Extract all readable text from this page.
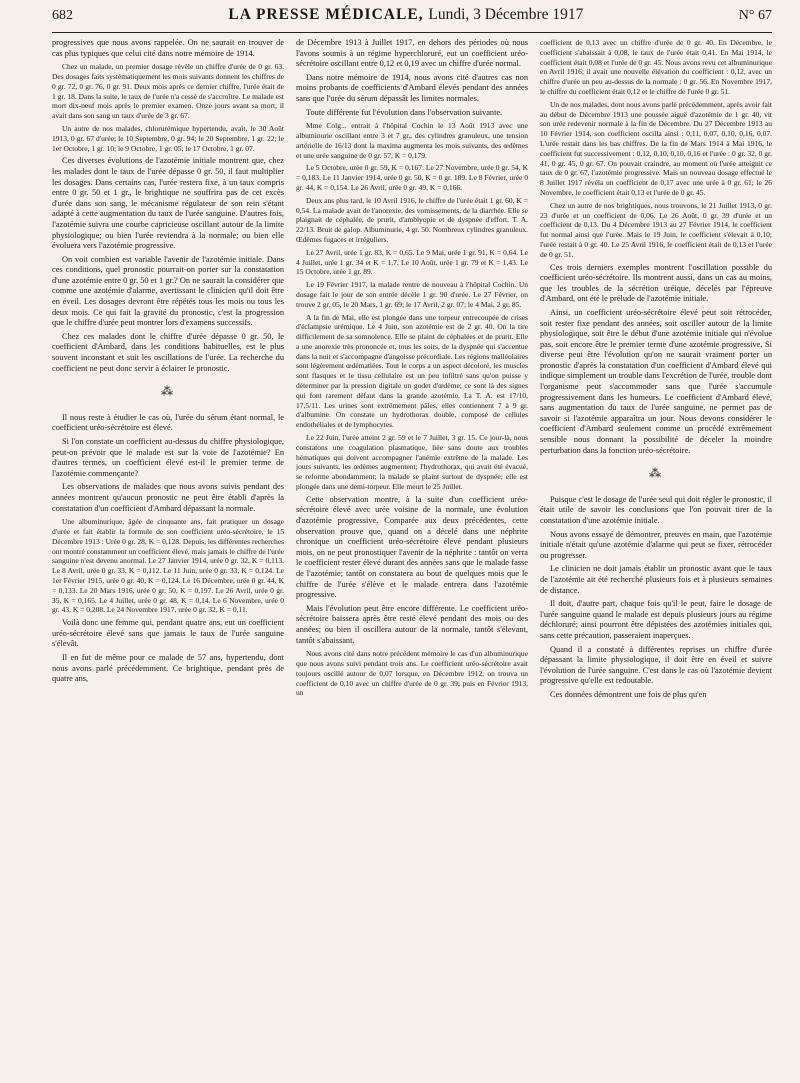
682	LA PRESSE MÉDICALE, Lundi, 3 Décembre 1917	N° 67

progressives que nous avons rappelée. On ne saurait en trouver de cas plus typiques que celui cité dans notre mémoire de 1914.

Chez un malade, un premier dosage révèle un chiffre d'urée de 0 gr. 63. Des dosages faits systématiquement les mois suivants donnent les chiffres de 0 gr. 72, 0 gr. 76, 0 gr. 91. Deux mois après ce dernier chiffre, l'urée était de 1 gr. 18. Dans la suite, le taux de l'urée n'a cessé de s'accroître. Le malade est mort dix-neuf mois après le premier examen. Onze jours avant sa mort, il avait dans son sang un taux d'urée de 3 gr. 67.

Un autre de nos malades, chlorurémique hypertendu, avait, le 30 Août 1913, 0 gr. 67 d'urée; le 10 Septembre, 0 gr. 94; le 20 Septembre, 1 gr. 22; le 1er Octobre, 1 gr. 10; le 9 Octobre, 1 gr. 05; le 17 Octobre, 1 gr. 07.

Ces diverses évolutions de l'azotémie initiale montrent que, chez les malades dont le taux de l'urée dépasse 0 gr. 50, il faut multiplier les dosages. Dans certains cas, l'urée restera fixe, à un taux compris entre 0 gr. 50 et 1 gr., le brightique ne souffrira pas de cet excès d'urée dans son sang, le mécanisme régulateur de son rein s'étant adapté à cette augmentation du taux de l'urée sanguine. D'autres fois, l'azotémie suivra une courbe capricieuse oscillant autour de la limite physiologique; ou bien l'urée reviendra à la normale; ou bien elle évoluera vers l'azotémie progressive.

On voit combien est variable l'avenir de l'azotémie initiale. Dans ces conditions, quel pronostic pourrait-on porter sur la constatation d'une azotémie entre 0 gr. 50 et 1 gr.? On ne saurait la considérer que comme une azotémie d'alarme, avertissant le clinicien qu'il doit être en éveil. Les dosages devront être répétés tous les mois ou tous les deux mois. Ce qui fait la gravité du pronostic, c'est la progression que le chiffre d'urée peut montrer lors d'examens successifs.

Chez ces malades dont le chiffre d'urée dépasse 0 gr. 50, le coefficient d'Ambard, dans les conditions habituelles, est le plus souvent inconstant et suit les oscillations de l'urée. La recherche du coefficient ne peut donc servir à éclairer le pronostic.

⁂

Il nous reste à étudier le cas où, l'urée du sérum étant normal, le coefficient uréo-sécrétoire est élevé.

Si l'on constate un coefficient au-dessus du chiffre physiologique, peut-on prévoir que le malade est sur la voie de l'azotémie? En d'autres termes, un coefficient élevé est-il le premier terme de l'azotémie commençante?

Les observations de malades que nous avons suivis pendant des années montrent qu'aucun pronostic ne peut être établi d'après la constatation d'un coefficient d'Ambard dépassant la normale.

Une albuminurique, âgée de cinquante ans, fait pratiquer un dosage d'urée et fait établir la formule de son coefficient uréo-sécrétoire, le 15 Décembre 1913 : Urée 0 gr. 28, K = 0,128. Depuis, les différentes recherches ont montré constamment un coefficient élevé, mais jamais le chiffre de l'urée sanguine n'est devenu anormal. Le 27 Janvier 1914, urée 0 gr. 32, K = 0,113. Le 8 Avril, urée 0 gr. 33, K = 0,112. Le 11 Juin, urée 0 gr. 33, K = 0,124. Le 1er Février 1915, urée 0 gr. 40, K = 0,124. Le 16 Décembre, urée 0 gr. 44, K = 0,133. Le 20 Mars 1916, urée 0 gr. 50, K = 0,197. Le 26 Avril, urée 0 gr. 35, K = 0,165. Le 4 Juillet, urée 0 gr. 48, K = 0,14. Le 6 Novembre, urée 0 gr. 43, K = 0,208. Le 24 Novembre 1917, urée 0 gr. 32, K = 0,11.

Voilà donc une femme qui, pendant quatre ans, eut un coefficient uréo-sécrétoire élevé sans que jamais le taux de l'urée sanguine s'élevât.

Il en fut de même pour ce malade de 57 ans, hypertendu, dont nous avons parlé précédemment. Ce brightique, pendant près de quatre ans,

de Décembre 1913 à Juillet 1917, en dehors des périodes où nous l'avons soumis à un régime hyperchloruré, eut un coefficient uréo-sécrétoire oscillant entre 0,12 et 0,19 avec un chiffre d'urée normal.

Dans notre mémoire de 1914, nous avons cité d'autres cas non moins probants de coefficients d'Ambard élevés pendant des années sans que l'urée du sérum dépassât les limites normales.

Toute différente fut l'évolution dans l'observation suivante.

Mme Colg... entrait à l'hôpital Cochin le 13 Août 1913 avec une albuminurie oscillant entre 3 et 7 gr., des cylindres granuleux, une tension artérielle de 16/13 dont la maxima augmenta les mois suivants, des œdèmes et une urée sanguine de 0 gr. 57, K = 0,179.

Le 5 Octobre, urée 0 gr. 59, K = 0,167. Le 27 Novembre, urée 0 gr. 54, K = 0,183. Le 11 Janvier 1914, urée 0 gr. 50, K = 0 gr. 189. Le 8 Février, urée 0 gr. 44, K = 0,154. Le 26 Avril, urée 0 gr. 49, K = 0,166.

Deux ans plus tard, le 10 Avril 1916, le chiffre de l'urée était 1 gr. 60, K = 0,54. La malade avait de l'anorexie, des vomissements, de la diarrhée. Elle se plaignait de céphalée, de prurit, d'amblyopie et de dyspnée d'effort. T. A. 22/13. Bruit de galop. Albuminurie, 4 gr. 50. Nombreux cylindres granuleux. Œdèmes fugaces et irréguliers.

Le 27 Avril, urée 1 gr. 83, K = 0,65. Le 9 Mai, urée 1 gr. 91, K = 0,64. Le 4 Juillet, urée 1 gr. 34 et K = 1,7. Le 10 Août, urée 1 gr. 79 et K = 1,43. Le 15 Octobre, urée 1 gr. 89.

Le 19 Février 1917, la malade rentre de nouveau à l'hôpital Cochin. Un dosage fait le jour de son entrée décèle 1 gr. 90 d'urée. Le 27 Février, on trouve 2 gr. 05, le 20 Mars, 1 gr. 69; le 17 Avril, 2 gr. 07; le 4 Mai, 2 gr. 85.

A la fin de Mai, elle est plongée dans une torpeur entrecoupée de crises d'éclampsie urémique. Le 4 Juin, son azotémie est de 2 gr. 40. On la tire difficilement de sa somnolence. Elle se plaint de céphalées et de prurit. Elle a une anorexie très prononcée et, tous les soirs, de la dyspnée qui s'accentue dans la nuit et s'accompagne d'angoisse précordiale. Les régions malléolaires sont légèrement œdématiées. Tout le corps a un aspect décoloré, les muscles sont flasques et le tissu cellulaire est un peu infiltré sans qu'on puisse y déterminer par la pression digitale un godet d'œdème; ce sont là des signes qui font rarement défaut dans la grande azotémie. La T. A. est 17/10, 17,5/11. Les urines sont extrêmement pâles, elles contiennent 7 à 9 gr. d'albumine. On constate un hydrothorax double, composé de cellules endothéliales et de lymphocytes.

Le 22 Juin, l'urée atteint 2 gr. 59 et le 7 Juillet, 3 gr. 15. Ce jour-là, nous constatons une coagulation plasmatique, liée sans doute aux troubles hématiques qui doivent accompagner l'anémie extrême de la malade. Les jours suivants, les œdèmes augmentent; l'hydrothorax, qui avait été évacué, se reforme abondamment; la malade se plaint surtout de dyspnée; elle est plongée dans une demi-torpeur. Elle meurt le 25 Juillet.

Cette observation montre, à la suite d'un coefficient uréo-sécrétoire élevé avec urée voisine de la normale, une évolution d'azotémie progressive. Comparée aux deux précédentes, cette observation prouve que, quand on a décelé dans une néphrite chronique un coefficient uréo-sécrétoire élevé pendant plusieurs mois, on ne peut pronostiquer l'avenir de la néphrite : tantôt on verra le coefficient rester élevé durant des années sans que le malade fasse de l'azotémie; tantôt on constatera au bout de quelques mois que le chiffre de l'urée s'élève et le malade entrera dans l'azotémie progressive.

Mais l'évolution peut être encore différente. Le coefficient uréo-sécrétoire baissera après être resté élevé pendant des mois ou des années; ou bien il oscillera autour de la normale, tantôt s'élevant, tantôt s'abaissant.

Nous avons cité dans notre précédent mémoire le cas d'un albuminurique que nous avons suivi pendant trois ans. Le coefficient uréo-sécrétoire avait toujours oscillé autour de 0,07 lorsque, en Décembre 1912, on trouva un coefficient de 0,10 avec un chiffre d'urée de 0 gr. 39; puis en Février 1913, un

coefficient de 0,13 avec un chiffre d'urée de 0 gr. 40. En Décembre, le coefficient s'abaissait à 0,08, le taux de l'urée était 0,41. En Mai 1914, le coefficient était 0,08 et l'urée de 0 gr. 45. Nous avons revu cet albuminurique en Avril 1916; il avait une nouvelle élévation du coefficient : 0,12, avec un chiffre d'urée un peu au-dessus de la normale : 0 gr. 56. En Novembre 1917, le chiffre du coefficient était 0,12 et le chiffre de l'urée 0 gr. 51.

Un de nos malades, dont nous avons parlé précédemment, après avoir fait au début de Décembre 1913 une poussée aiguë d'azotémie de 1 gr. 40, vit son urée redevenir normale à la fin de Décembre. Du 27 Décembre 1913 au 10 Février 1914, son coefficient oscilla ainsi : 0,11, 0,07, 0,10, 0,16, 0,07. L'urée restait dans les bas chiffres. De la fin de Mars 1914 à Mai 1916, le coefficient fut successivement : 0,12, 0,10, 0,10, 0,16 et l'urée : 0 gr. 32, 0 gr. 41, 0 gr. 45, 0 gr. 67. On pouvait craindre, au moment où l'urée atteignit ce taux de 0 gr. 67, l'azotémie progressive. Mais un nouveau dosage effectué le 8 Juillet 1917 révéla un coefficient de 0,17 avec une urée à 0 gr. 61; le 26 Novembre, le coefficient était 0,13 et l'urée de 0 gr. 45.

Chez un autre de nos brightiques, nous trouvons, le 21 Juillet 1913, 0 gr. 23 d'urée et un coefficient de 0,06. Le 26 Août, 0 gr. 39 d'urée et un coefficient de 0,13. Du 4 Décembre 1913 au 27 Février 1914, le coefficient fut normal ainsi que l'urée. Mais le 19 Juin, le coefficient s'élevait à 0,10; l'urée restait à 0 gr. 40. Le 25 Avril 1916, le coefficient était de 0,13 et l'urée de 0 gr. 51.

Ces trois derniers exemples montrent l'oscillation possible du coefficient uréo-sécrétoire. Ils montrent aussi, dans un cas au moins, que les troubles de la sécrétion uréique, décelés par l'épreuve d'Ambard, ont été le prélude de l'azotémie initiale.

Ainsi, un coefficient uréo-sécrétoire élevé peut soit rétrocéder, soit rester fixe pendant des années, soit osciller autour de la limite physiologique, soit être le début d'une azotémie initiale qui n'évolue pas, soit encore être le premier terme d'une azotémie progressive. Si diverse peut être l'évolution qu'on ne saurait vraiment porter un pronostic d'après la constatation d'un coefficient d'Ambard élevé qui indique simplement un trouble dans l'excrétion de l'urée, trouble dont l'organisme peut s'accommoder sans que l'urée s'accumule progressivement dans les humeurs. Le coefficient d'Ambard élevé, sans augmentation du taux de l'urée sanguine, ne permet pas de savoir si l'azotémie apparaîtra un jour. Nous devons considérer le coefficient d'Ambard seulement comme un procédé extrêmement sensible nous donnant la possibilité de déceler la moindre perturbation dans la fonction uréo-sécrétoire.

⁂

Puisque c'est le dosage de l'urée seul qui doit régler le pronostic, il était utile de savoir les conclusions que l'on pouvait tirer de la constatation d'une azotémie initiale.

Nous avons essayé de démontrer, preuves en main, que l'azotémie initiale n'était qu'une azotémie d'alarme qui peut se fixer, rétrocéder ou progresser.

Le clinicien ne doit jamais établir un pronostic avant que le taux de l'azotémie ait été recherché plusieurs fois et à plusieurs semaines de distance.

Il doit, d'autre part, chaque fois qu'il le peut, faire le dosage de l'urée sanguine quand le malade est depuis plusieurs jours au régime déchloruré; ainsi pourront être dépistées des azotémies initiales qui, sans cette précaution, passeraient inaperçues.

Quand il a constaté à différentes reprises un chiffre d'urée dépassant la limite physiologique, il doit être en éveil et suivre l'évolution de l'urée sanguine. C'est dans le cas où l'azotémie devient progressive qu'elle est redoutable.

Ces données démontrent une fois de plus qu'en
